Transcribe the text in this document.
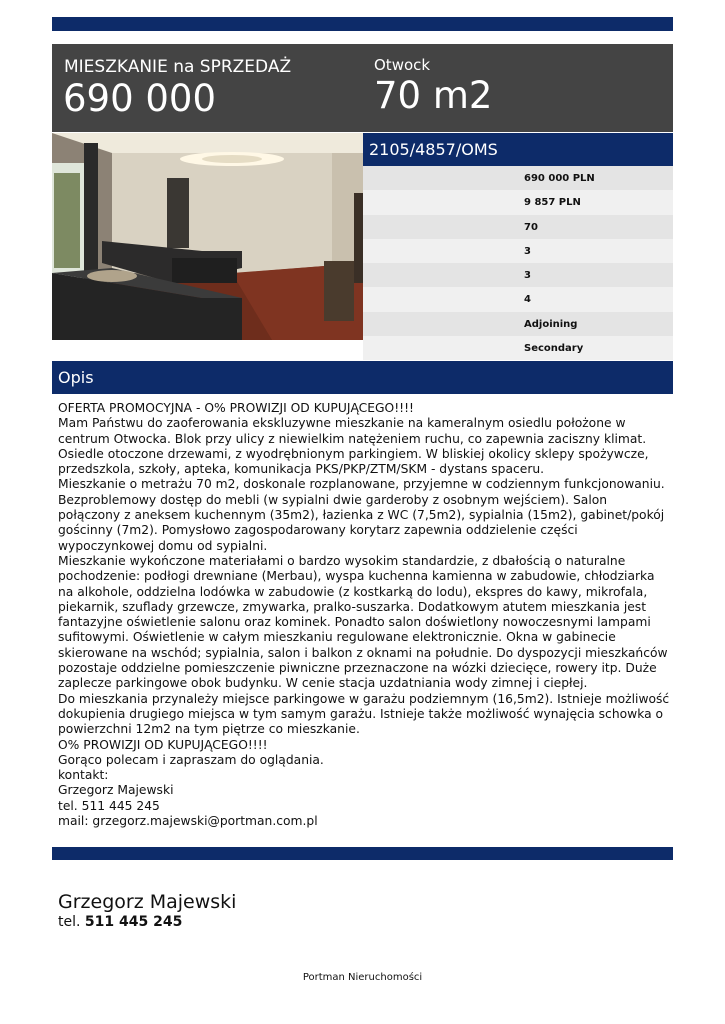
MIESZKANIE na SPRZEDAŻ
690 000
Otwock
70 m2
2105/4857/OMS
690 000 PLN
9 857 PLN
70
3
3
4
Adjoining
Secondary
Opis
OFERTA PROMOCYJNA - O% PROWIZJI OD KUPUJĄCEGO!!!!
Mam Państwu do zaoferowania ekskluzywne mieszkanie na kameralnym osiedlu położone w centrum Otwocka. Blok przy ulicy z niewielkim natężeniem ruchu, co zapewnia zaciszny klimat. Osiedle otoczone drzewami, z wyodrębnionym parkingiem. W bliskiej okolicy sklepy spożywcze, przedszkola, szkoły, apteka, komunikacja PKS/PKP/ZTM/SKM - dystans spaceru.
Mieszkanie o metrażu 70 m2, doskonale rozplanowane, przyjemne w codziennym funkcjonowaniu. Bezproblemowy dostęp do mebli (w sypialni dwie garderoby z osobnym wejściem). Salon połączony z aneksem kuchennym (35m2), łazienka z WC (7,5m2), sypialnia (15m2), gabinet/pokój gościnny (7m2). Pomysłowo zagospodarowany korytarz zapewnia oddzielenie części wypoczynkowej domu od sypialni.
Mieszkanie wykończone materiałami o bardzo wysokim standardzie, z dbałością o naturalne pochodzenie: podłogi drewniane (Merbau), wyspa kuchenna kamienna w zabudowie, chłodziarka na alkohole, oddzielna lodówka w zabudowie (z kostkarką do lodu), ekspres do kawy, mikrofala, piekarnik, szuflady grzewcze, zmywarka, pralko-suszarka. Dodatkowym atutem mieszkania jest fantazyjne oświetlenie salonu oraz kominek. Ponadto salon doświetlony nowoczesnymi lampami sufitowymi. Oświetlenie w całym mieszkaniu regulowane elektronicznie. Okna w gabinecie skierowane na wschód; sypialnia, salon i balkon z oknami na południe. Do dyspozycji mieszkańców pozostaje oddzielne pomieszczenie piwniczne przeznaczone na wózki dziecięce, rowery itp. Duże zaplecze parkingowe obok budynku. W cenie stacja uzdatniania wody zimnej i ciepłej.
Do mieszkania przynależy miejsce parkingowe w garażu podziemnym (16,5m2). Istnieje możliwość dokupienia drugiego miejsca w tym samym garażu. Istnieje także możliwość wynajęcia schowka o powierzchni 12m2 na tym piętrze co mieszkanie.
O% PROWIZJI OD KUPUJĄCEGO!!!!
Gorąco polecam i zapraszam do oglądania.
kontakt:
Grzegorz Majewski
tel. 511 445 245
mail: grzegorz.majewski@portman.com.pl
Grzegorz Majewski
tel. 511 445 245
Portman Nieruchomości
